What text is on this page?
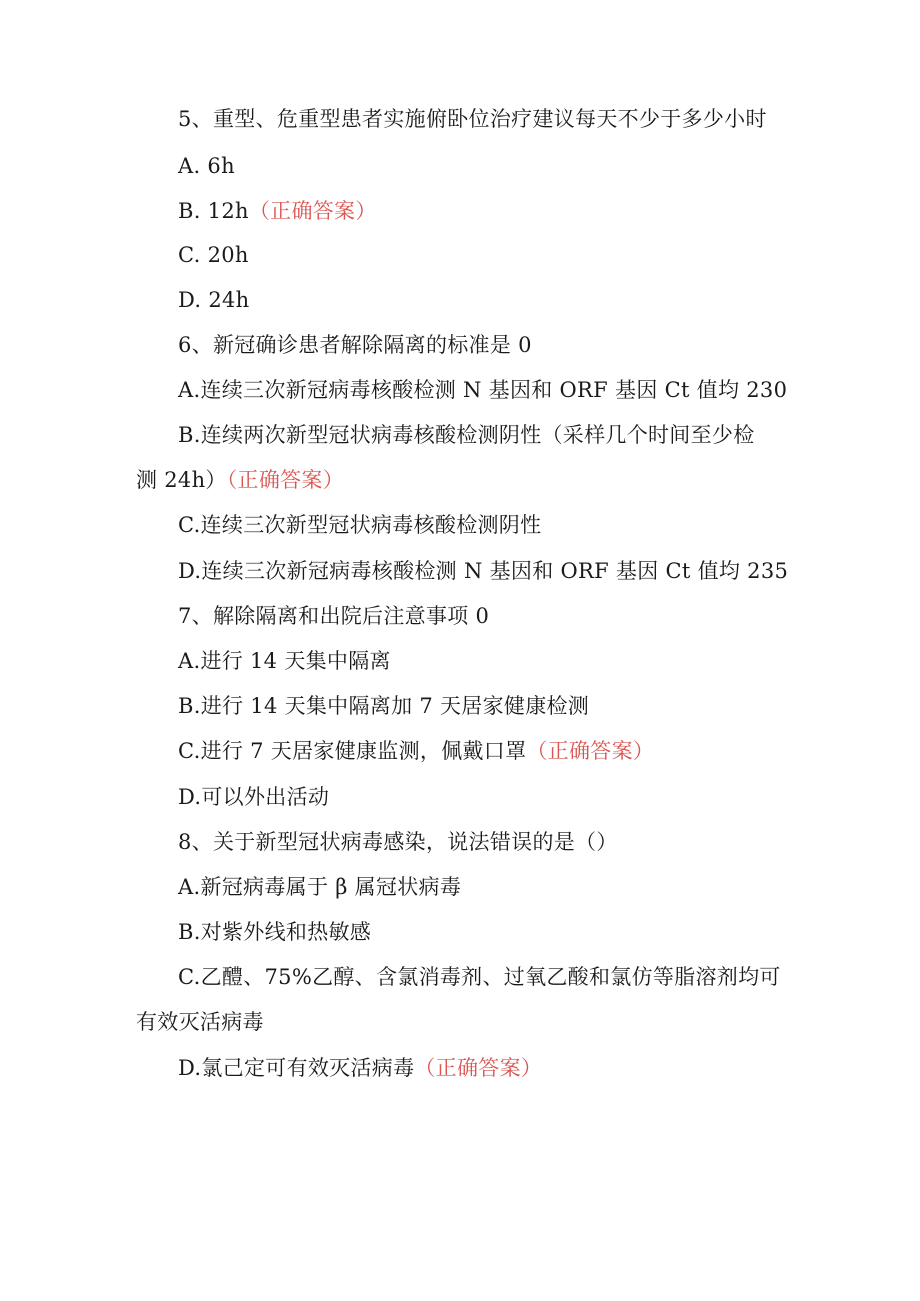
5、重型、危重型患者实施俯卧位治疗建议每天不少于多少小时
A. 6h
B. 12h（正确答案）
C. 20h
D. 24h
6、新冠确诊患者解除隔离的标准是 0
A.连续三次新冠病毒核酸检测 N 基因和 ORF 基因 Ct 值均 230
B.连续两次新型冠状病毒核酸检测阴性（采样几个时间至少检
测 24h）（正确答案）
C.连续三次新型冠状病毒核酸检测阴性
D.连续三次新冠病毒核酸检测 N 基因和 ORF 基因 Ct 值均 235
7、解除隔离和出院后注意事项 0
A.进行 14 天集中隔离
B.进行 14 天集中隔离加 7 天居家健康检测
C.进行 7 天居家健康监测，佩戴口罩（正确答案）
D.可以外出活动
8、关于新型冠状病毒感染，说法错误的是（）
A.新冠病毒属于 β 属冠状病毒
B.对紫外线和热敏感
C.乙醴、75%乙醇、含氯消毒剂、过氧乙酸和氯仿等脂溶剂均可
有效灭活病毒
D.氯己定可有效灭活病毒（正确答案）
